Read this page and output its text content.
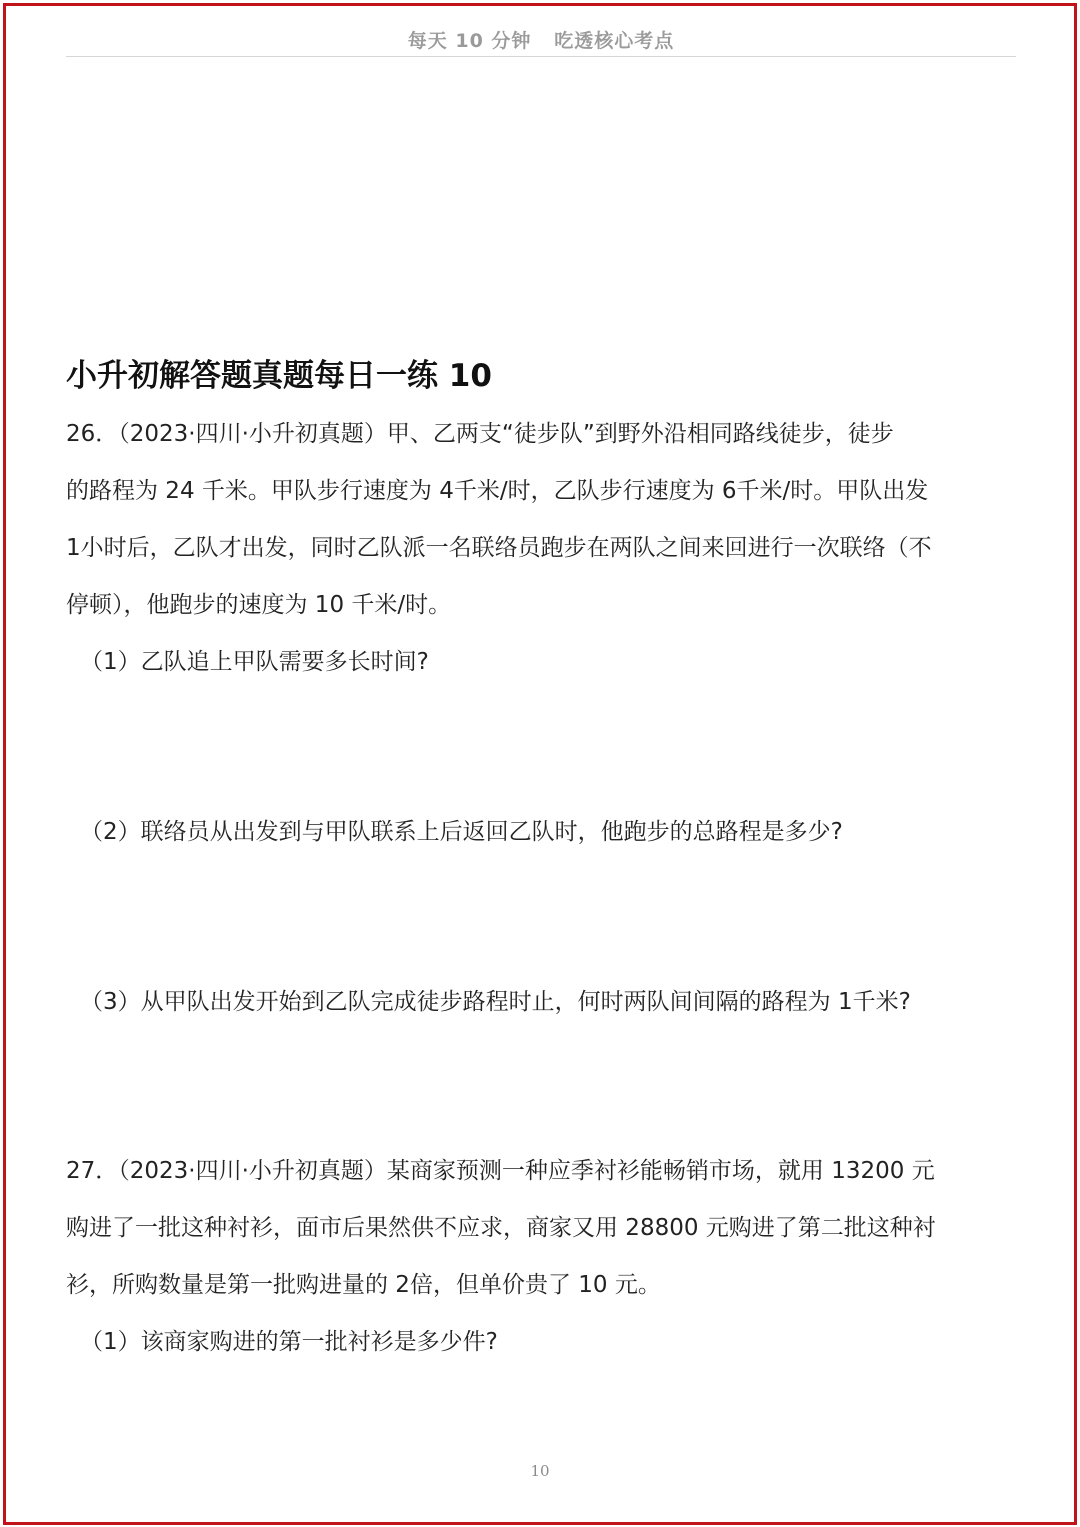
每天 10 分钟   吃透核心考点
小升初解答题真题每日一练 10
26．（2023·四川·小升初真题）甲、乙两支“徒步队”到野外沿相同路线徒步，徒步
的路程为 24 千米。甲队步行速度为 4千米/时，乙队步行速度为 6千米/时。甲队出发
1小时后，乙队才出发，同时乙队派一名联络员跑步在两队之间来回进行一次联络（不
停顿），他跑步的速度为 10 千米/时。
（1）乙队追上甲队需要多长时间?
（2）联络员从出发到与甲队联系上后返回乙队时，他跑步的总路程是多少?
（3）从甲队出发开始到乙队完成徒步路程时止，何时两队间间隔的路程为 1千米?
27．（2023·四川·小升初真题）某商家预测一种应季衬衫能畅销市场，就用 13200 元
购进了一批这种衬衫，面市后果然供不应求，商家又用 28800 元购进了第二批这种衬
衫，所购数量是第一批购进量的 2倍，但单价贵了 10 元。
（1）该商家购进的第一批衬衫是多少件?
10
